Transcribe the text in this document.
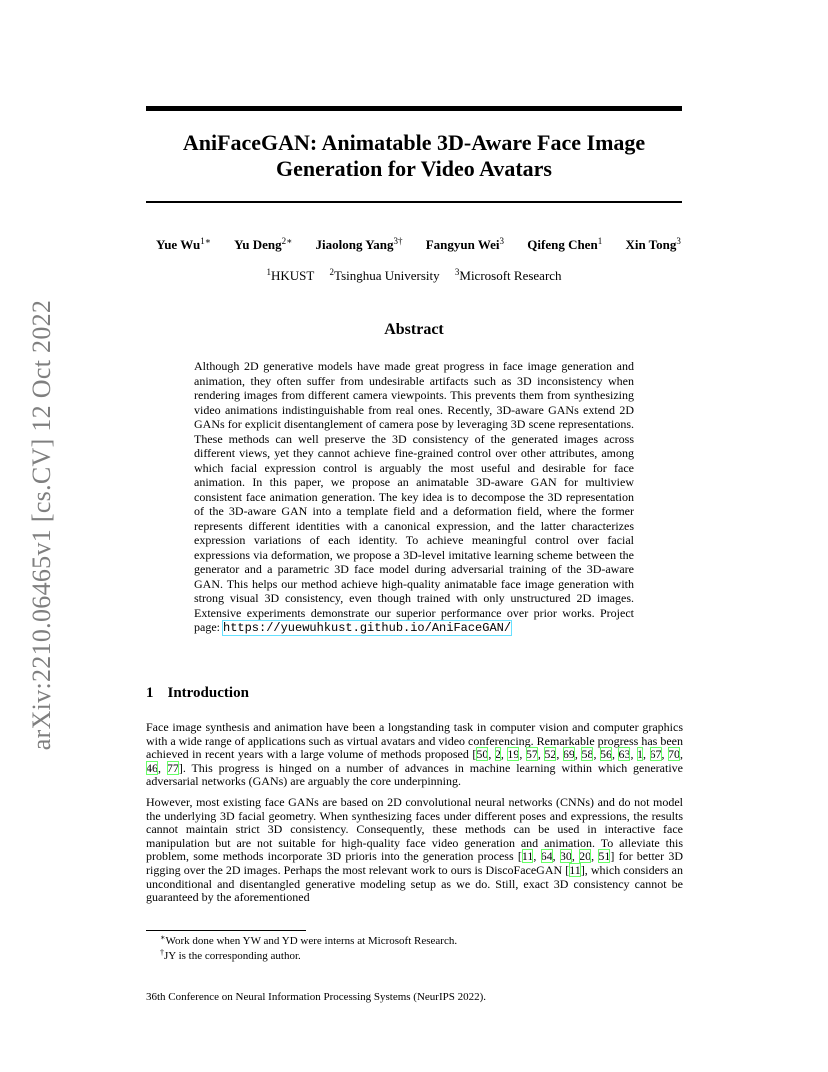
arXiv:2210.06465v1 [cs.CV] 12 Oct 2022
AniFaceGAN: Animatable 3D-Aware Face Image
Generation for Video Avatars
Yue $Wu^{1∗}$ Yu Deng$^{2∗}$ Jiaolong Yang$^{3\dagger}$ Fangyun Wei$^3$ Qifeng Chen$^1$ Xin Tong$^3$
$^1$HKUST $^2$Tsinghua University $^3$Microsoft Research
Abstract
Although 2D generative models have made great progress in face image generation and animation, they often suffer from undesirable artifacts such as 3D inconsistency when rendering images from different camera viewpoints. This prevents them from synthesizing video animations indistinguishable from real ones. Recently, 3D-aware GANs extend 2D GANs for explicit disentanglement of camera pose by leveraging 3D scene representations. These methods can well preserve the 3D consistency of the generated images across different views, yet they cannot achieve fine-grained control over other attributes, among which facial expression control is arguably the most useful and desirable for face animation. In this paper, we propose an animatable 3D-aware GAN for multiview consistent face animation generation. The key idea is to decompose the 3D representation of the 3D-aware GAN into a template field and a deformation field, where the former represents different identities with a canonical expression, and the latter characterizes expression variations of each identity. To achieve meaningful control over facial expressions via deformation, we propose a 3D-level imitative learning scheme between the generator and a parametric 3D face model during adversarial training of the 3D-aware GAN. This helps our method achieve high-quality animatable face image generation with strong visual 3D consistency, even though trained with only unstructured 2D images. Extensive experiments demonstrate our superior performance over prior works. Project page: https://yuewuhkust.github.io/AniFaceGAN/
1 Introduction

Face image synthesis and animation have been a longstanding task in computer vision and computer graphics with a wide range of applications such as virtual avatars and video conferencing. Remarkable progress has been achieved in recent years with a large volume of methods proposed [50, 2, 19, 57, 52, 69, 58, 56, 63, 1, 67, 70, 46, 77]. This progress is hinged on a number of advances in machine learning within which generative adversarial networks (GANs) are arguably the core underpinning.

However, most existing face GANs are based on 2D convolutional neural networks (CNNs) and do not model the underlying 3D facial geometry. When synthesizing faces under different poses and expressions, the results cannot maintain strict 3D consistency. Consequently, these methods can be used in interactive face manipulation but are not suitable for high-quality face video generation and animation. To alleviate this problem, some methods incorporate 3D prioris into the generation process [11, 64, 30, 20, 51] for better 3D rigging over the 2D images. Perhaps the most relevant work to ours is DiscoFaceGAN [11], which considers an unconditional and disentangled generative modeling setup as we do. Still, exact 3D consistency cannot be guaranteed by the aforementioned

∗Work done when YW and YD were interns at Microsoft Research.
†JY is the corresponding author.
36th Conference on Neural Information Processing Systems (NeurIPS 2022).
